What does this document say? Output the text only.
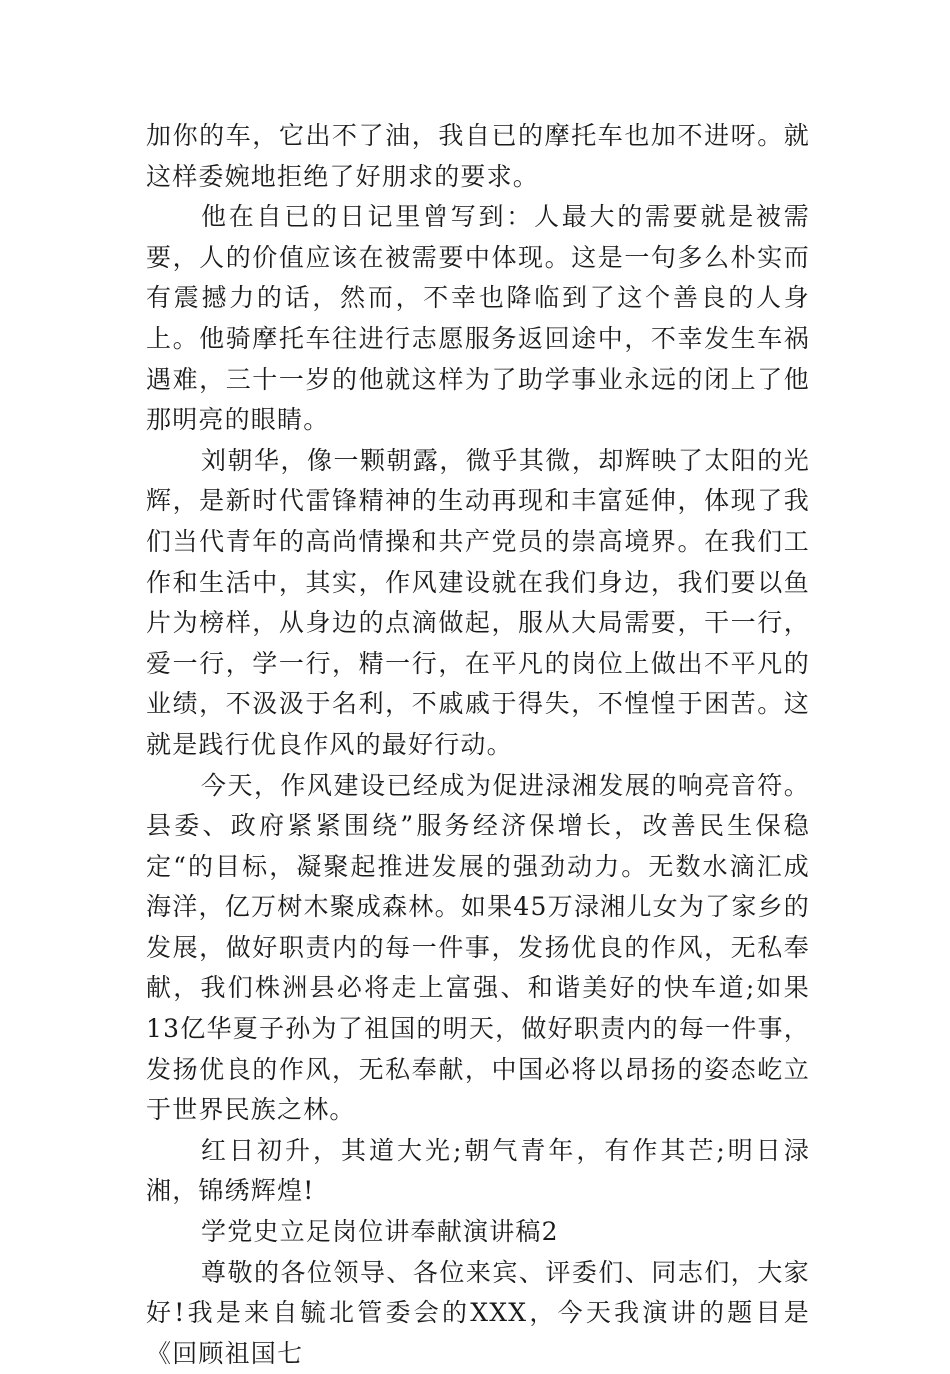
加你的车，它出不了油，我自已的摩托车也加不进呀。就这样委婉地拒绝了好朋求的要求。

他在自已的日记里曾写到：人最大的需要就是被需要，人的价值应该在被需要中体现。这是一句多么朴实而有震撼力的话，然而，不幸也降临到了这个善良的人身上。他骑摩托车往进行志愿服务返回途中，不幸发生车祸遇难，三十一岁的他就这样为了助学事业永远的闭上了他那明亮的眼睛。

刘朝华，像一颗朝露，微乎其微，却辉映了太阳的光辉，是新时代雷锋精神的生动再现和丰富延伸，体现了我们当代青年的高尚情操和共产党员的崇高境界。在我们工作和生活中，其实，作风建设就在我们身边，我们要以鱼片为榜样，从身边的点滴做起，服从大局需要，干一行，爱一行，学一行，精一行，在平凡的岗位上做出不平凡的业绩，不汲汲于名利，不戚戚于得失，不惶惶于困苦。这就是践行优良作风的最好行动。

今天，作风建设已经成为促进渌湘发展的响亮音符。县委、政府紧紧围绕”服务经济保增长，改善民生保稳定“的目标，凝聚起推进发展的强劲动力。无数水滴汇成海洋，亿万树木聚成森林。如果45万渌湘儿女为了家乡的发展，做好职责内的每一件事，发扬优良的作风，无私奉献，我们株洲县必将走上富强、和谐美好的快车道;如果13亿华夏子孙为了祖国的明天，做好职责内的每一件事，发扬优良的作风，无私奉献，中国必将以昂扬的姿态屹立于世界民族之林。

红日初升，其道大光;朝气青年，有作其芒;明日渌湘，锦绣辉煌!

学党史立足岗位讲奉献演讲稿2

尊敬的各位领导、各位来宾、评委们、同志们，大家好!我是来自毓北管委会的XXX，今天我演讲的题目是《回顾祖国七
